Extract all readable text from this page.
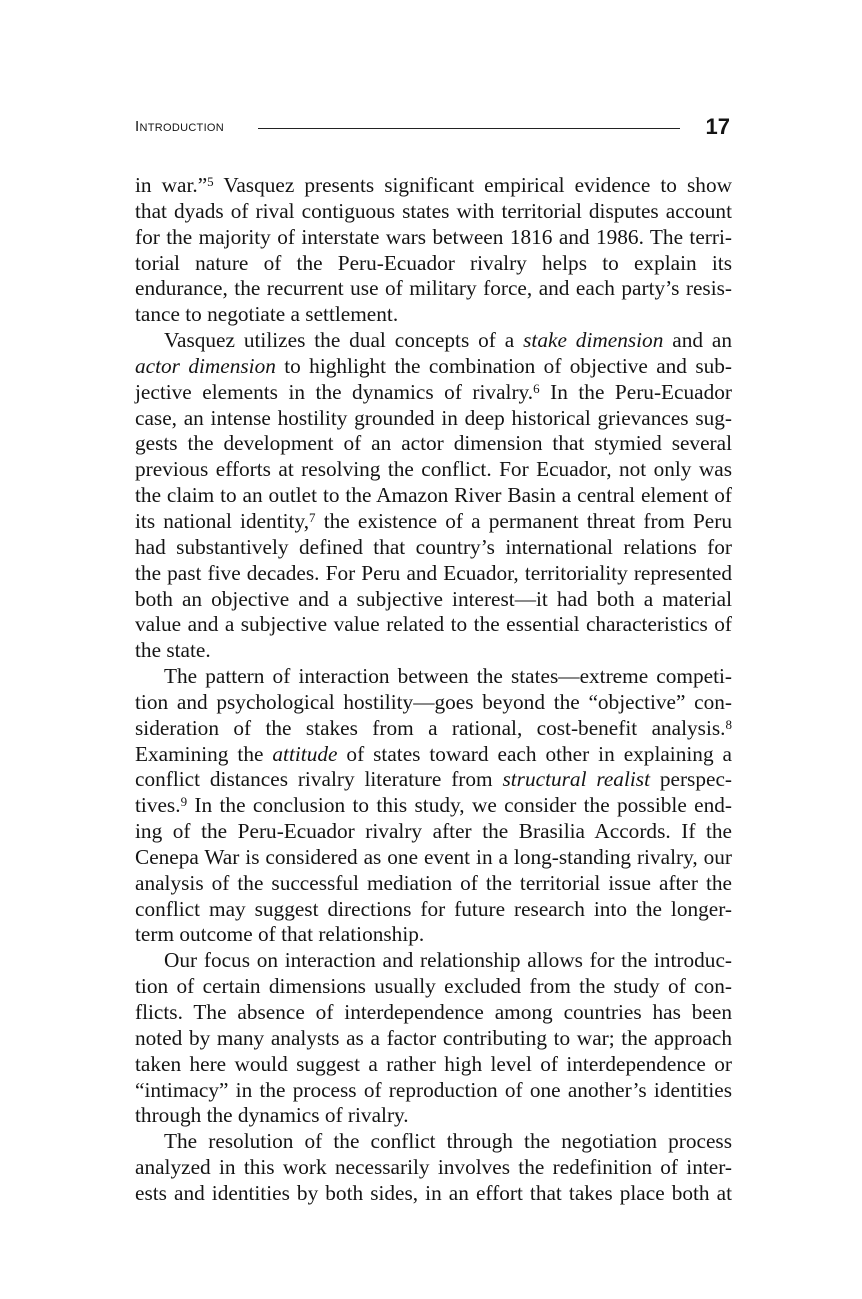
Introduction	17
in war.”$^5$ Vasquez presents significant empirical evidence to show
that dyads of rival contiguous states with territorial disputes account
for the majority of interstate wars between 1816 and 1986. The terri-
torial nature of the Peru-Ecuador rivalry helps to explain its
endurance, the recurrent use of military force, and each party’s resis-
tance to negotiate a settlement.
Vasquez utilizes the dual concepts of a stake dimension and an
actor dimension to highlight the combination of objective and sub-
jective elements in the dynamics of rivalry.$^6$ In the Peru-Ecuador
case, an intense hostility grounded in deep historical grievances sug-
gests the development of an actor dimension that stymied several
previous efforts at resolving the conflict. For Ecuador, not only was
the claim to an outlet to the Amazon River Basin a central element of
its national identity,$^7$ the existence of a permanent threat from Peru
had substantively defined that country’s international relations for
the past five decades. For Peru and Ecuador, territoriality represented
both an objective and a subjective interest—it had both a material
value and a subjective value related to the essential characteristics of
the state.
The pattern of interaction between the states—extreme competi-
tion and psychological hostility—goes beyond the “objective” con-
sideration of the stakes from a rational, cost-benefit analysis.$^8$
Examining the attitude of states toward each other in explaining a
conflict distances rivalry literature from structural realist perspec-
tives.$^9$ In the conclusion to this study, we consider the possible end-
ing of the Peru-Ecuador rivalry after the Brasilia Accords. If the
Cenepa War is considered as one event in a long-standing rivalry, our
analysis of the successful mediation of the territorial issue after the
conflict may suggest directions for future research into the longer-
term outcome of that relationship.
Our focus on interaction and relationship allows for the introduc-
tion of certain dimensions usually excluded from the study of con-
flicts. The absence of interdependence among countries has been
noted by many analysts as a factor contributing to war; the approach
taken here would suggest a rather high level of interdependence or
“intimacy” in the process of reproduction of one another’s identities
through the dynamics of rivalry.
The resolution of the conflict through the negotiation process
analyzed in this work necessarily involves the redefinition of inter-
ests and identities by both sides, in an effort that takes place both at
